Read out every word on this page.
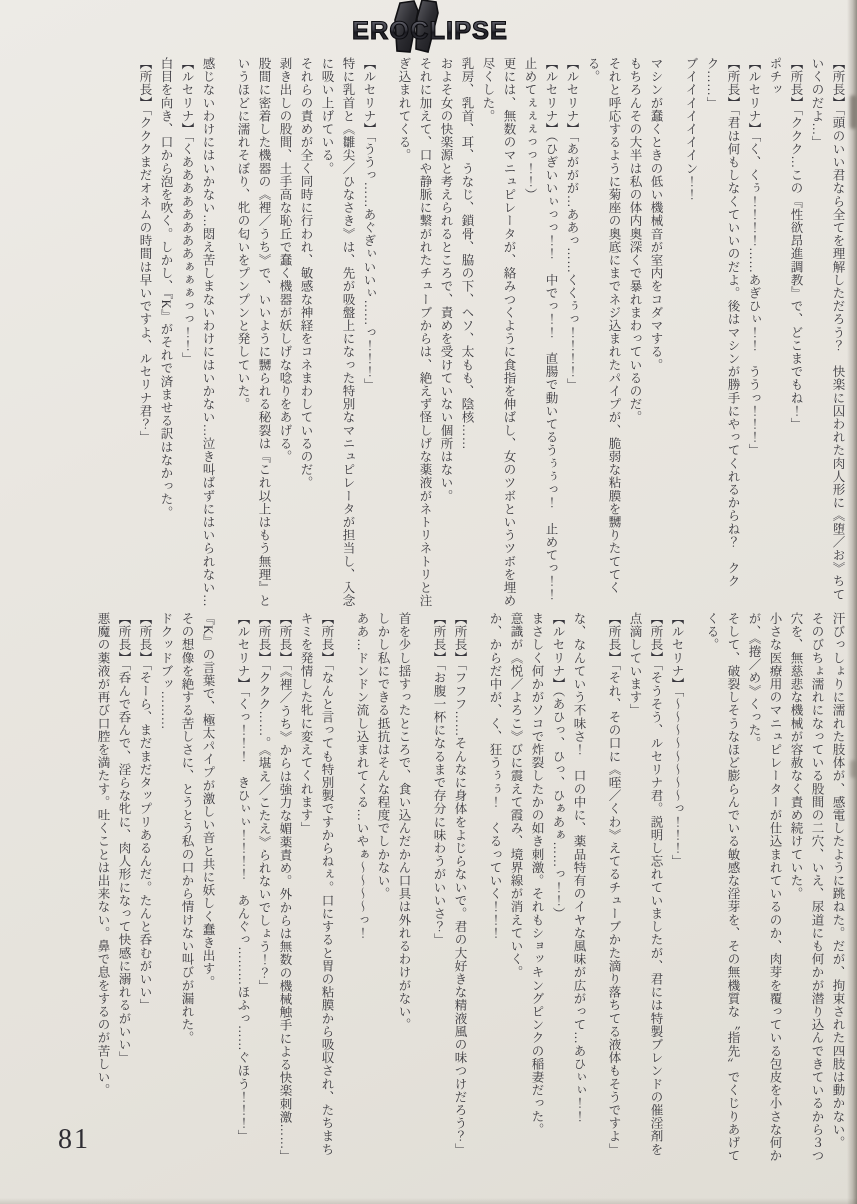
EROCLIPSE

【所長】「頭のいい君なら全てを理解しただろう？　快楽に囚われた肉人形に《堕／お》ちていくのだよ…」

【所長】「ククク…この『性欲昂進調教』で、どこまでもね！」

ポチッ

【ルセリナ】「く、くぅ！！！！……あぎひぃ！！　ううっ！！！」

【所長】「君は何もしなくていいのだよ。後はマシンが勝手にやってくれるからね？　ククク……」

ブイイイイイイイン！！

マシンが蠢くときの低い機械音が室内をコダマする。

もちろんその大半は私の体内奥深くで暴れまわっているのだ。

それと呼応するように菊座の奥底にまでネジ込まれたパイプが、脆弱な粘膜を嬲りたててくる。

【ルセリナ】「あががが…ああっ……くくぅっ！！！！」

【ルセリナ】（ひぎいいぃっっ！！　中でっ！！　直腸で動いてるうぅぅっ！　止めてっ！！止めてぇぇぇっっ！！）

更には、無数のマニュピレータが、絡みつくように食指を伸ばし、女のツボというツボを埋め尽くした。

乳房、乳首、耳、うなじ、鎖骨、脇の下、ヘソ、太もも、陰核……

およそ女の快楽源と考えられるところで、責めを受けていない個所はない。

それに加えて、口や静脈に繋がれたチューブからは、絶えず怪しげな薬液がネトリネトリと注ぎ込まれてくる。

【ルセリナ】「ううっ……あぐぎぃいいぃ……っ！！！」

特に乳首と《雛尖／ひなさき》は、先が吸盤上になった特別なマニュピレータが担当し、入念に吸い上げている。

それらの責めが全く同時に行われ、敏感な神経をコネまわしているのだ。

剥き出しの股間、土手高な恥丘で蠢く機器が妖しげな唸りをあげる。

股間に密着した機器の《裡／うち》で、いいように嬲られる秘裂は『これ以上はもう無理』というほどに濡れそぼり、牝の匂いをプンプンと発していた。

感じないわけにはいかない…悶え苦しまないわけにはいかない…泣き叫ばずにはいられない…

【ルセリナ】「くああああああああぁぁぁっっ！！」

白目を向き、口から泡を吹く。しかし、『K』がそれで済ませる訳はなかった。

【所長】「クククまだオネムの時間は早いですよ、ルセリナ君？」

汗びっしょりに濡れた肢体が、感電したように跳ねた。だが、拘束された四肢は動かない。

そのびちょ濡れになっている股間の二穴、いえ、尿道にも何かが潜り込んできているから３つ穴を、無慈悲な機械が容赦なく責め続けていた。

小さな医療用のマニュピレーターが仕込まれているのか、肉芽を覆っている包皮を小さな何かが、《捲／め》くった。

そして、破裂しそうなほど膨らんでいる敏感な淫芽を、その無機質な〝指先〟でくじりあげてくる。

【ルセリナ】「～～～～～～～～っ！！！」

【所長】「そうそう、ルセリナ君。説明し忘れていましたが、君には特製ブレンドの催淫剤を点滴しています」

【所長】「それ、その口に《咥／くわ》えてるチューブかた滴り落ちてる液体もそうですよ」

な、なんていう不味さ！　口の中に、薬品特有のイヤな風味が広がって…あひぃぃ！！

【ルセリナ】（あひっ、ひっ、ひぁあぁ……っ！！）

まさしく何かがソコで炸裂したかの如き刺激。それもショッキングピンクの稲妻だった。

意識が《悦／よろこ》びに震えて霞み、境界線が消えていく。

か、からだ中が、く、狂うぅぅ！　くるっていく！！！

【所長】「フフフ……そんなに身体をよじらないで。君の大好きな精液風の味つけだろう？」

【所長】「お腹一杯になるまで存分に味わうがいいさ？」

首を少し揺すったところで、食い込んだかん口具は外れるわけがない。

しかし私にできる抵抗はそんな程度でしかない。

ああ…ドンドン流し込まれてくる…いやぁ～～～～っ！

【所長】「なんと言っても特別製ですからねぇ。口にすると胃の粘膜から吸収され、たちまちキミを発情した牝に変えてくれます」

【所長】「《裡／うち》からは強力な媚薬責め。外からは無数の機械触手による快楽刺激……」

【所長】「ククク……。《堪え／こたえ》られないでしょう！？」

【ルセリナ】「くっ！！！　きひぃぃ！！！！　あんぐっ………ほふっ……ぐほう！！！」

『K』の言葉で、極太パイプが激しい音と共に妖しく蠢き出す。

その想像を絶する苦しさに、とうとう私の口から情けない叫びが漏れた。

ドクッドブッ………

【所長】「そーら、まだまだタップリあるんだ。たんと呑むがいい」

【所長】「呑んで呑んで、淫らな牝に、肉人形になって快感に溺れるがいい」

悪魔の薬液が再び口腔を満たす。吐くことは出来ない。鼻で息をするのが苦しい。

81
